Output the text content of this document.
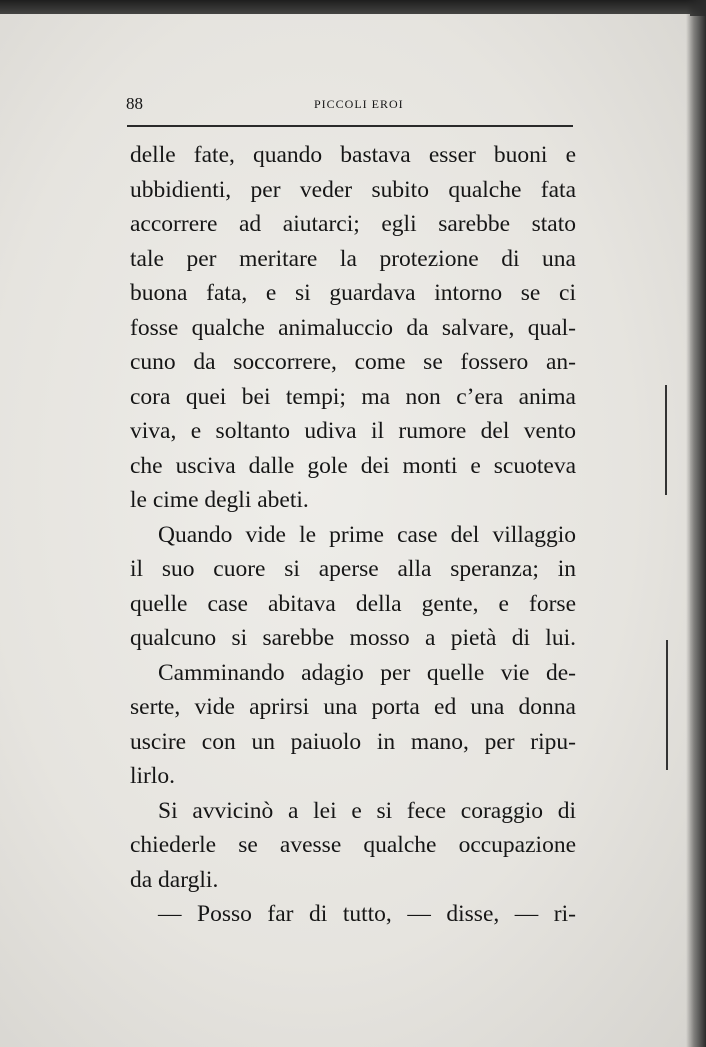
88	PICCOLI EROI
delle fate, quando bastava esser buoni e
ubbidienti, per veder subito qualche fata
accorrere ad aiutarci; egli sarebbe stato
tale per meritare la protezione di una
buona fata, e si guardava intorno se ci
fosse qualche animaluccio da salvare, qual-
cuno da soccorrere, come se fossero an-
cora quei bei tempi; ma non c’era anima
viva, e soltanto udiva il rumore del vento
che usciva dalle gole dei monti e scuoteva
le cime degli abeti.
Quando vide le prime case del villaggio
il suo cuore si aperse alla speranza; in
quelle case abitava della gente, e forse
qualcuno si sarebbe mosso a pietà di lui.
Camminando adagio per quelle vie de-
serte, vide aprirsi una porta ed una donna
uscire con un paiuolo in mano, per ripu-
lirlo.
Si avvicinò a lei e si fece coraggio di
chiederle se avesse qualche occupazione
da dargli.
— Posso far di tutto, — disse, — ri-
